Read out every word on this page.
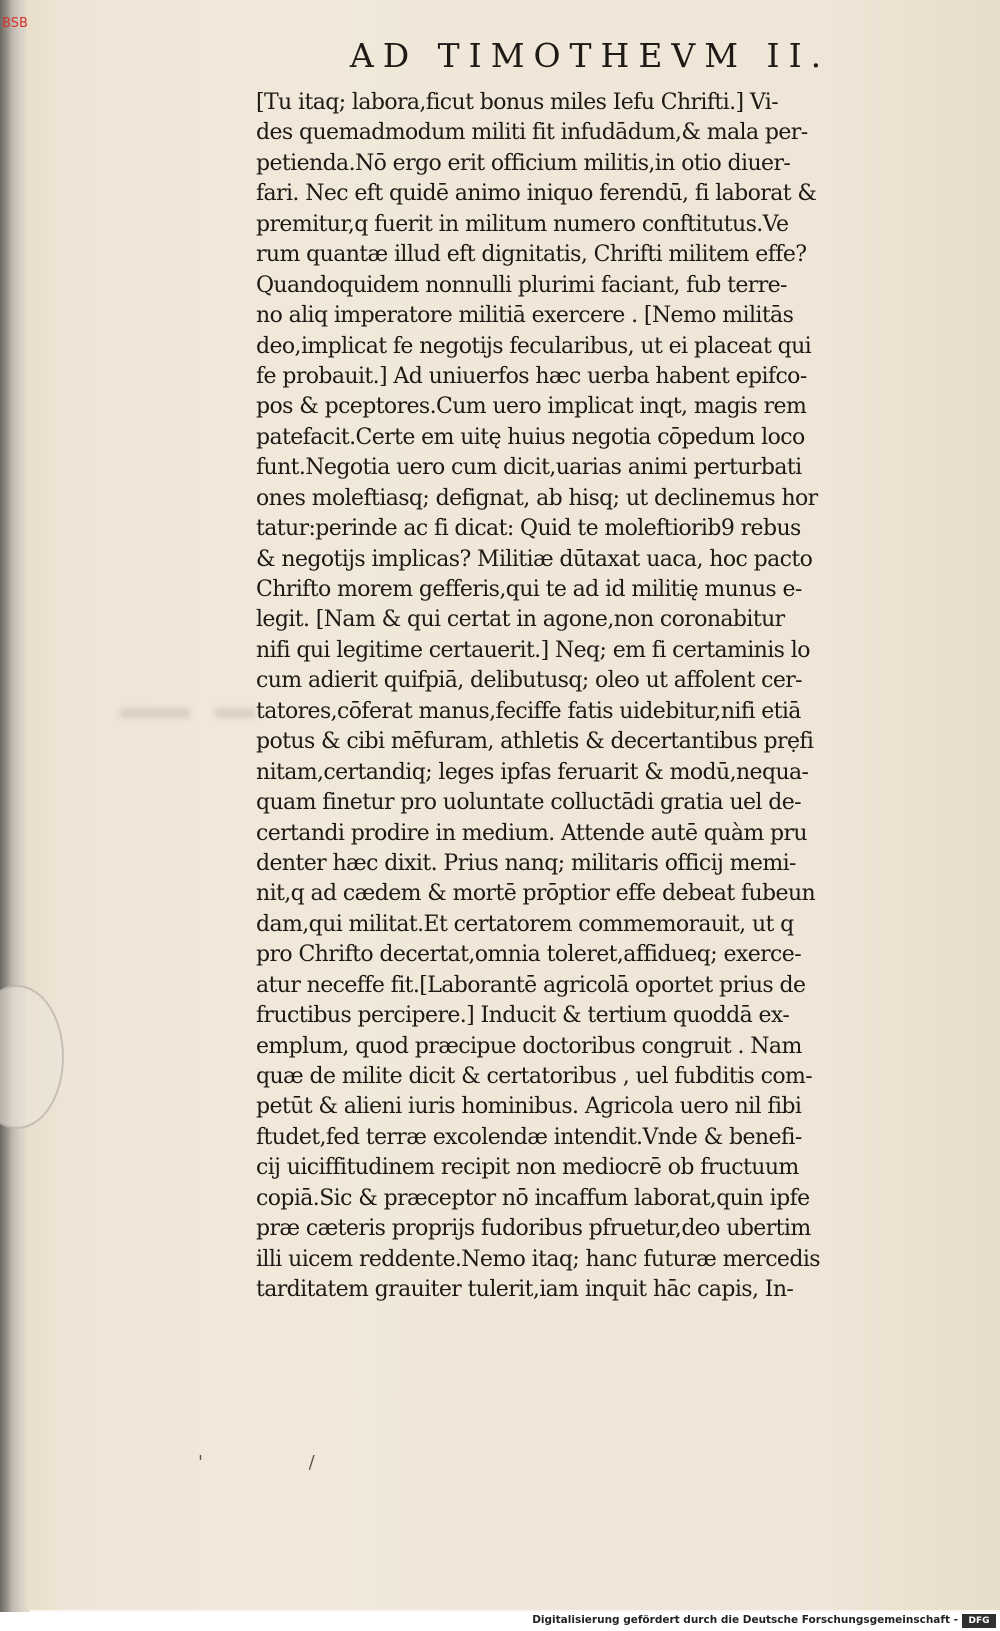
BSB
AD TIMOTHEVM II.
[Tu itaq; labora,ficut bonus miles Iefu Chrifti.] Vi-
des quemadmodum militi fit infudādum,& mala per-
petienda.Nō ergo erit officium militis,in otio diuer-
fari. Nec eft quidē animo iniquo ferendū, fi laborat &
premitur,q fuerit in militum numero conftitutus.Ve
rum quantæ illud eft dignitatis, Chrifti militem effe?
Quandoquidem nonnulli plurimi faciant, fub terre-
no aliq imperatore militiā exercere . [Nemo militās
deo,implicat fe negotijs fecularibus, ut ei placeat qui
fe probauit.] Ad uniuerfos hæc uerba habent epifco-
pos & pceptores.Cum uero implicat inqt, magis rem
patefacit.Certe em uitę huius negotia cōpedum loco
funt.Negotia uero cum dicit,uarias animi perturbati
ones moleftiasq; defignat, ab hisq; ut declinemus hor
tatur:perinde ac fi dicat: Quid te moleftiorib9 rebus
& negotijs implicas? Militiæ dūtaxat uaca, hoc pacto
Chrifto morem gefferis,qui te ad id militię munus e-
legit. [Nam & qui certat in agone,non coronabitur
nifi qui legitime certauerit.] Neq; em fi certaminis lo
cum adierit quifpiā, delibutusq; oleo ut affolent cer-
tatores,cōferat manus,feciffe fatis uidebitur,nifi etiā
potus & cibi mēfuram, athletis & decertantibus prẹfi
nitam,certandiq; leges ipfas feruarit & modū,nequa-
quam finetur pro uoluntate colluctādi gratia uel de-
certandi prodire in medium. Attende autē quàm pru
denter hæc dixit. Prius nanq; militaris officij memi-
nit,q ad cædem & mortē prōptior effe debeat fubeun
dam,qui militat.Et certatorem commemorauit, ut q
pro Chrifto decertat,omnia toleret,affidueq; exerce-
atur neceffe fit.[Laborantē agricolā oportet prius de
fructibus percipere.] Inducit & tertium quoddā ex-
emplum, quod præcipue doctoribus congruit . Nam
quæ de milite dicit & certatoribus , uel fubditis com-
petūt & alieni iuris hominibus. Agricola uero nil fibi
ftudet,fed terræ excolendæ intendit.Vnde & benefi-
cij uiciffitudinem recipit non mediocrē ob fructuum
copiā.Sic & præceptor nō incaffum laborat,quin ipfe
præ cæteris proprijs fudoribus pfruetur,deo ubertim
illi uicem reddente.Nemo itaq; hanc futuræ mercedis
tarditatem grauiter tulerit,iam inquit hāc capis, In-
' /
Digitalisierung gefördert durch die Deutsche Forschungsgemeinschaft -	DFG
